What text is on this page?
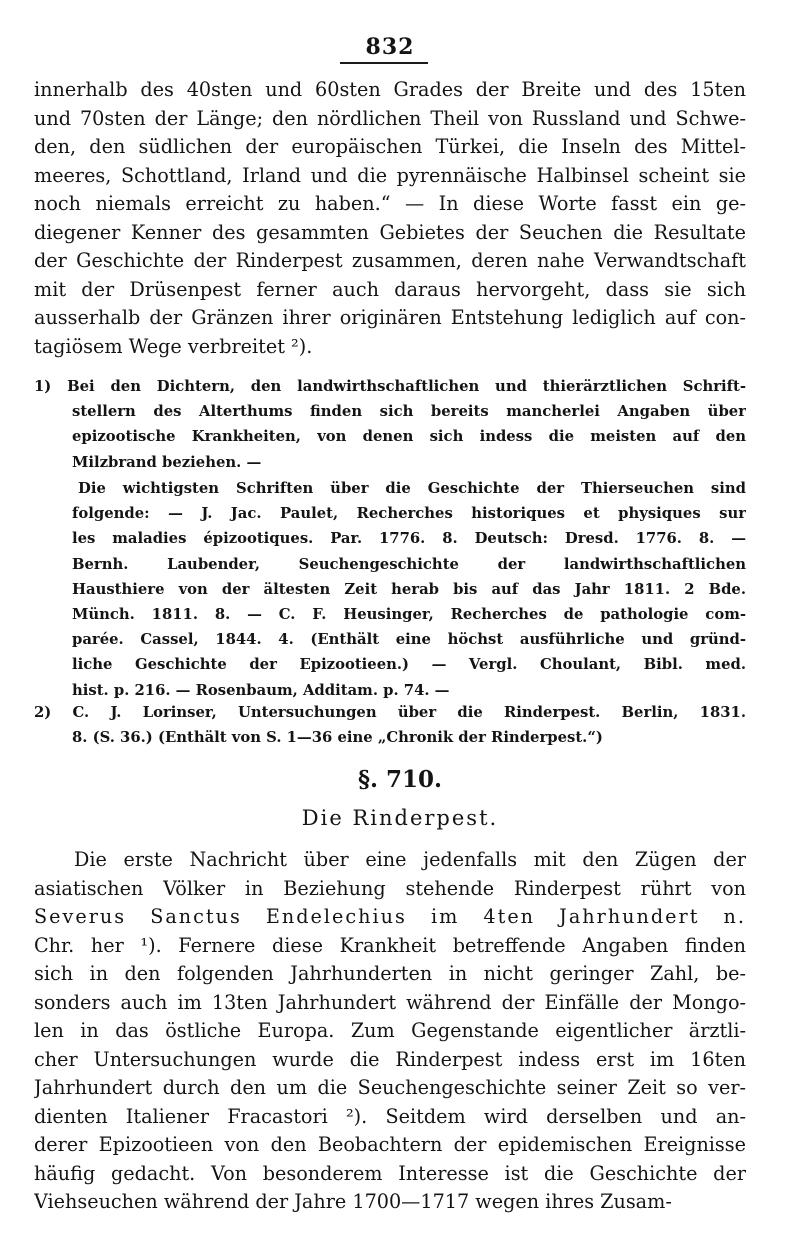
832
innerhalb des 40sten und 60sten Grades der Breite und des 15ten
und 70sten der Länge; den nördlichen Theil von Russland und Schwe-
den, den südlichen der europäischen Türkei, die Inseln des Mittel-
meeres, Schottland, Irland und die pyrennäische Halbinsel scheint sie
noch niemals erreicht zu haben.“ — In diese Worte fasst ein ge-
diegener Kenner des gesammten Gebietes der Seuchen die Resultate
der Geschichte der Rinderpest zusammen, deren nahe Verwandtschaft
mit der Drüsenpest ferner auch daraus hervorgeht, dass sie sich
ausserhalb der Gränzen ihrer originären Entstehung lediglich auf con-
tagiösem Wege verbreitet ²).
1) Bei den Dichtern, den landwirthschaftlichen und thierärztlichen Schrift-
stellern des Alterthums finden sich bereits mancherlei Angaben über
epizootische Krankheiten, von denen sich indess die meisten auf den
Milzbrand beziehen. —
Die wichtigsten Schriften über die Geschichte der Thierseuchen sind
folgende: — J. Jac. Paulet, Recherches historiques et physiques sur
les maladies épizootiques. Par. 1776. 8. Deutsch: Dresd. 1776. 8. —
Bernh. Laubender, Seuchengeschichte der landwirthschaftlichen
Hausthiere von der ältesten Zeit herab bis auf das Jahr 1811. 2 Bde.
Münch. 1811. 8. — C. F. Heusinger, Recherches de pathologie com-
parée. Cassel, 1844. 4. (Enthält eine höchst ausführliche und gründ-
liche Geschichte der Epizootieen.) — Vergl. Choulant, Bibl. med.
hist. p. 216. — Rosenbaum, Additam. p. 74. —
2) C. J. Lorinser, Untersuchungen über die Rinderpest. Berlin, 1831.
8. (S. 36.) (Enthält von S. 1—36 eine „Chronik der Rinderpest.“)
§. 710.
Die Rinderpest.
Die erste Nachricht über eine jedenfalls mit den Zügen der
asiatischen Völker in Beziehung stehende Rinderpest rührt von
Severus Sanctus Endelechius im 4ten Jahrhundert n.
Chr. her ¹). Fernere diese Krankheit betreffende Angaben finden
sich in den folgenden Jahrhunderten in nicht geringer Zahl, be-
sonders auch im 13ten Jahrhundert während der Einfälle der Mongo-
len in das östliche Europa. Zum Gegenstande eigentlicher ärztli-
cher Untersuchungen wurde die Rinderpest indess erst im 16ten
Jahrhundert durch den um die Seuchengeschichte seiner Zeit so ver-
dienten Italiener Fracastori ²). Seitdem wird derselben und an-
derer Epizootieen von den Beobachtern der epidemischen Ereignisse
häufig gedacht. Von besonderem Interesse ist die Geschichte der
Viehseuchen während der Jahre 1700—1717 wegen ihres Zusam-
